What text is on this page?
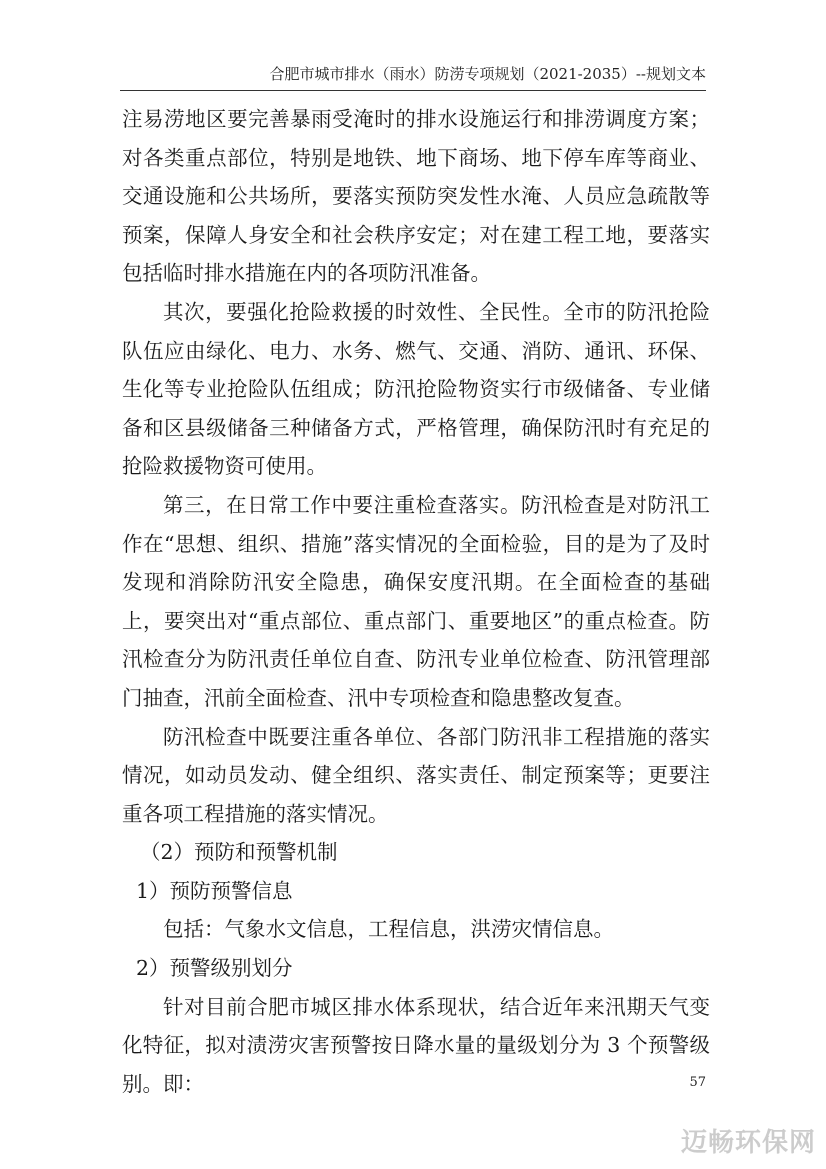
合肥市城市排水（雨水）防涝专项规划（2021-2035）--规划文本

注易涝地区要完善暴雨受淹时的排水设施运行和排涝调度方案；对各类重点部位，特别是地铁、地下商场、地下停车库等商业、交通设施和公共场所，要落实预防突发性水淹、人员应急疏散等预案，保障人身安全和社会秩序安定；对在建工程工地，要落实包括临时排水措施在内的各项防汛准备。

其次，要强化抢险救援的时效性、全民性。全市的防汛抢险队伍应由绿化、电力、水务、燃气、交通、消防、通讯、环保、生化等专业抢险队伍组成；防汛抢险物资实行市级储备、专业储备和区县级储备三种储备方式，严格管理，确保防汛时有充足的抢险救援物资可使用。

第三，在日常工作中要注重检查落实。防汛检查是对防汛工作在“思想、组织、措施”落实情况的全面检验，目的是为了及时发现和消除防汛安全隐患，确保安度汛期。在全面检查的基础上，要突出对“重点部位、重点部门、重要地区”的重点检查。防汛检查分为防汛责任单位自查、防汛专业单位检查、防汛管理部门抽查，汛前全面检查、汛中专项检查和隐患整改复查。

防汛检查中既要注重各单位、各部门防汛非工程措施的落实情况，如动员发动、健全组织、落实责任、制定预案等；更要注重各项工程措施的落实情况。

（2）预防和预警机制

1）预防预警信息

包括：气象水文信息，工程信息，洪涝灾情信息。

2）预警级别划分

针对目前合肥市城区排水体系现状，结合近年来汛期天气变化特征，拟对渍涝灾害预警按日降水量的量级划分为 3 个预警级别。即：	57
迈畅环保网
